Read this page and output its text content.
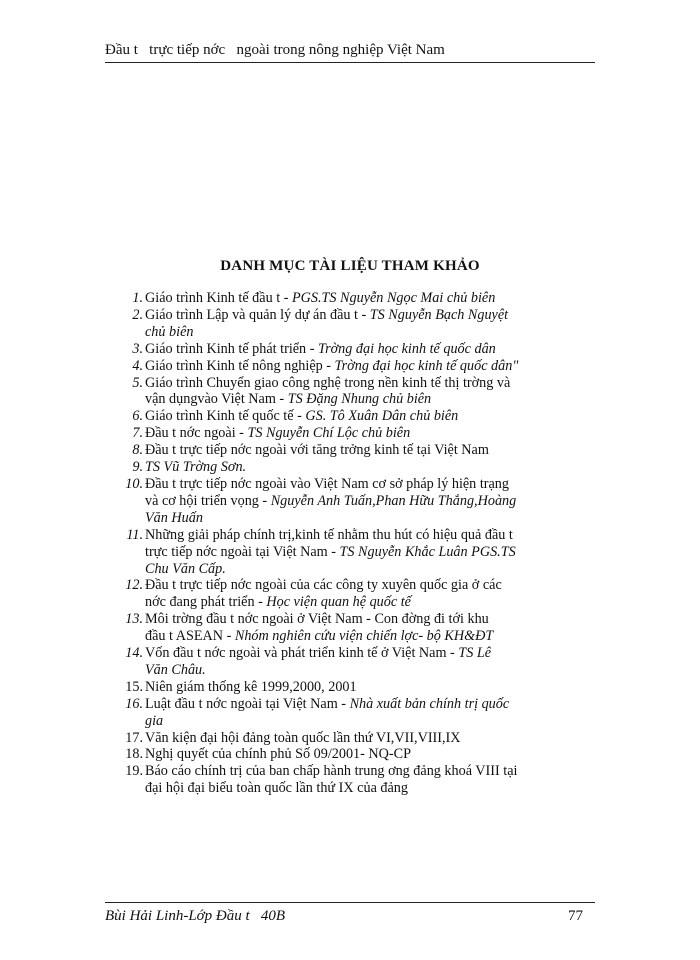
Đầu t   trực tiếp nớc   ngoài trong nông nghiệp Việt Nam
DANH MỤC TÀI LIỆU THAM KHẢO
1. Giáo trình Kinh tế đầu t - PGS.TS Nguyễn Ngọc Mai chủ biên
2. Giáo trình Lập và quản lý dự án đầu t - TS Nguyễn Bạch Nguyệt
chủ biên
3. Giáo trình Kinh tế phát triển - Trờng đại học kinh tế quốc dân
4. Giáo trình Kinh tế nông nghiệp - Trờng đại học kinh tế quốc dân"
5. Giáo trình Chuyển giao công nghệ trong nền kinh tế thị trờng và
vận dụngvào Việt Nam - TS Đặng Nhung chủ biên
6. Giáo trình Kinh tế quốc tế - GS. Tô Xuân Dân chủ biên
7. Đầu t nớc ngoài - TS Nguyễn Chí Lộc chủ biên
8. Đầu t trực tiếp nớc ngoài với tăng trởng kinh tế tại Việt Nam
9. TS Vũ Trờng Sơn.
10. Đầu t trực tiếp nớc ngoài vào Việt Nam cơ sở pháp lý hiện trạng
và cơ hội triển vọng - Nguyễn Anh Tuấn,Phan Hữu Thắng,Hoàng
Văn Huấn
11. Những giải pháp chính trị,kinh tế nhằm thu hút có hiệu quả đầu t
trực tiếp nớc ngoài tại Việt Nam - TS Nguyễn Khắc Luân PGS.TS
Chu Văn Cấp.
12. Đầu t trực tiếp nớc ngoài của các công ty xuyên quốc gia ở các
nớc đang phát triển - Học viện quan hệ quốc tế
13. Môi trờng đầu t nớc ngoài ở Việt Nam - Con đờng đi tới khu
đầu t ASEAN - Nhóm nghiên cứu viện chiến lợc- bộ KH&ĐT
14. Vốn đầu t nớc ngoài và phát triển kinh tế ở Việt Nam - TS Lê
Văn Châu.
15. Niên giám thống kê 1999,2000, 2001
16. Luật đầu t nớc ngoài tại Việt Nam - Nhà xuất bản chính trị quốc
gia
17. Văn kiện đại hội đảng toàn quốc lần thứ VI,VII,VIII,IX
18. Nghị quyết của chính phủ Số 09/2001- NQ-CP
19. Báo cáo chính trị của ban chấp hành trung ơng đảng khoá VIII tại
đại hội đại biểu toàn quốc lần thứ IX của đảng
Bùi Hải Linh-Lớp Đầu t   40B	77
